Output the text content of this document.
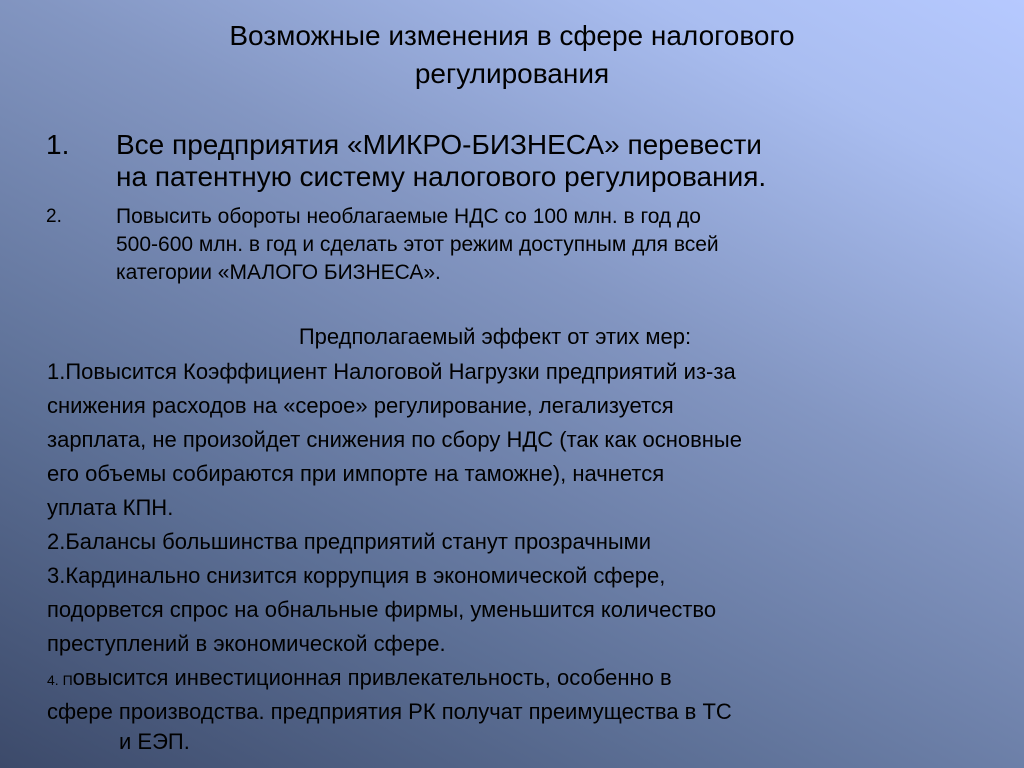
Возможные изменения в сфере налогового
регулирования
1. Все предприятия «МИКРО-БИЗНЕСА» перевести
на патентную систему налогового регулирования.
2.	Повысить обороты необлагаемые НДС со 100 млн. в год до
500-600 млн. в год и сделать этот режим доступным для всей
категории «МАЛОГО БИЗНЕСА».
Предполагаемый эффект от этих мер:
1.Повысится Коэффициент Налоговой Нагрузки предприятий из-за
снижения расходов на «серое» регулирование, легализуется
зарплата, не произойдет снижения по сбору НДС (так как основные
его объемы собираются при импорте на таможне), начнется
уплата КПН.
2.Балансы большинства предприятий станут прозрачными
3.Кардинально снизится коррупция в экономической сфере,
подорвется спрос на обнальные фирмы, уменьшится количество
преступлений в экономической сфере.
4. Повысится инвестиционная привлекательность, особенно в
сфере производства. предприятия РК получат преимущества в ТС
и ЕЭП.
